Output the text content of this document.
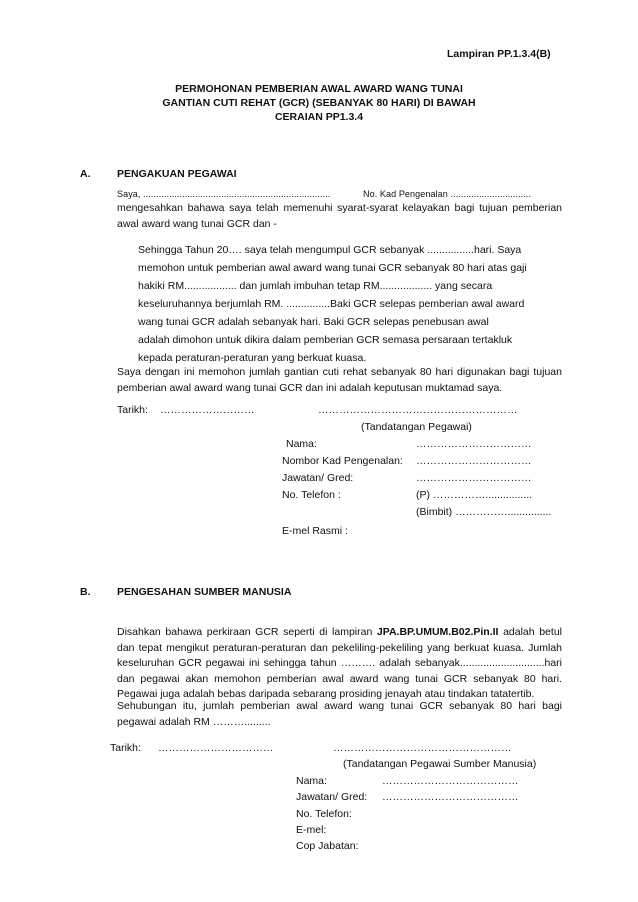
Lampiran PP.1.3.4(B)
PERMOHONAN PEMBERIAN AWAL AWARD WANG TUNAI
GANTIAN CUTI REHAT (GCR) (SEBANYAK 80 HARI) DI BAWAH
CERAIAN PP1.3.4
A.	PENGAKUAN PEGAWAI
Saya, ........................................................................	No. Kad Pengenalan ...............................
mengesahkan bahawa saya telah memenuhi syarat-syarat kelayakan bagi tujuan pemberian awal award wang tunai GCR dan -
Sehingga Tahun 20…. saya telah mengumpul GCR sebanyak ................hari. Saya
memohon untuk pemberian awal award wang tunai GCR sebanyak 80 hari atas gaji
hakiki RM.................. dan jumlah imbuhan tetap RM.................. yang secara
keseluruhannya berjumlah RM. ...............Baki GCR selepas pemberian awal award
wang tunai GCR adalah sebanyak hari. Baki GCR selepas penebusan awal
adalah dimohon untuk dikira dalam pemberian GCR semasa persaraan tertakluk
kepada peraturan-peraturan yang berkuat kuasa.
Saya dengan ini memohon jumlah gantian cuti rehat sebanyak 80 hari digunakan bagi tujuan pemberian awal award wang tunai GCR dan ini adalah keputusan muktamad saya.
Tarikh: ………………………	…………………………………………………
(Tandatangan Pegawai)
Nama:	……………………………
Nombor Kad Pengenalan: ……………………………
Jawatan/ Gred:	……………………………
No. Telefon :	(P) ……………................
(Bimbit) ……………...............
E-mel Rasmi :
B.	PENGESAHAN SUMBER MANUSIA
Disahkan bahawa perkiraan GCR seperti di lampiran JPA.BP.UMUM.B02.Pin.II adalah betul dan tepat mengikut peraturan-peraturan dan pekeliling-pekeliling yang berkuat kuasa. Jumlah keseluruhan GCR pegawai ini sehingga tahun ………. adalah sebanyak.............................hari dan pegawai akan memohon pemberian awal award wang tunai GCR sebanyak 80 hari. Pegawai juga adalah bebas daripada sebarang prosiding jenayah atau tindakan tatatertib.
Sehubungan itu, jumlah pemberian awal award wang tunai GCR sebanyak 80 hari bagi pegawai adalah RM ……….........
Tarikh: ……………………………	……………………………………………
(Tandatangan Pegawai Sumber Manusia)
Nama:	…………………………………
Jawatan/ Gred: …………………………………
No. Telefon:
E-mel:
Cop Jabatan:
